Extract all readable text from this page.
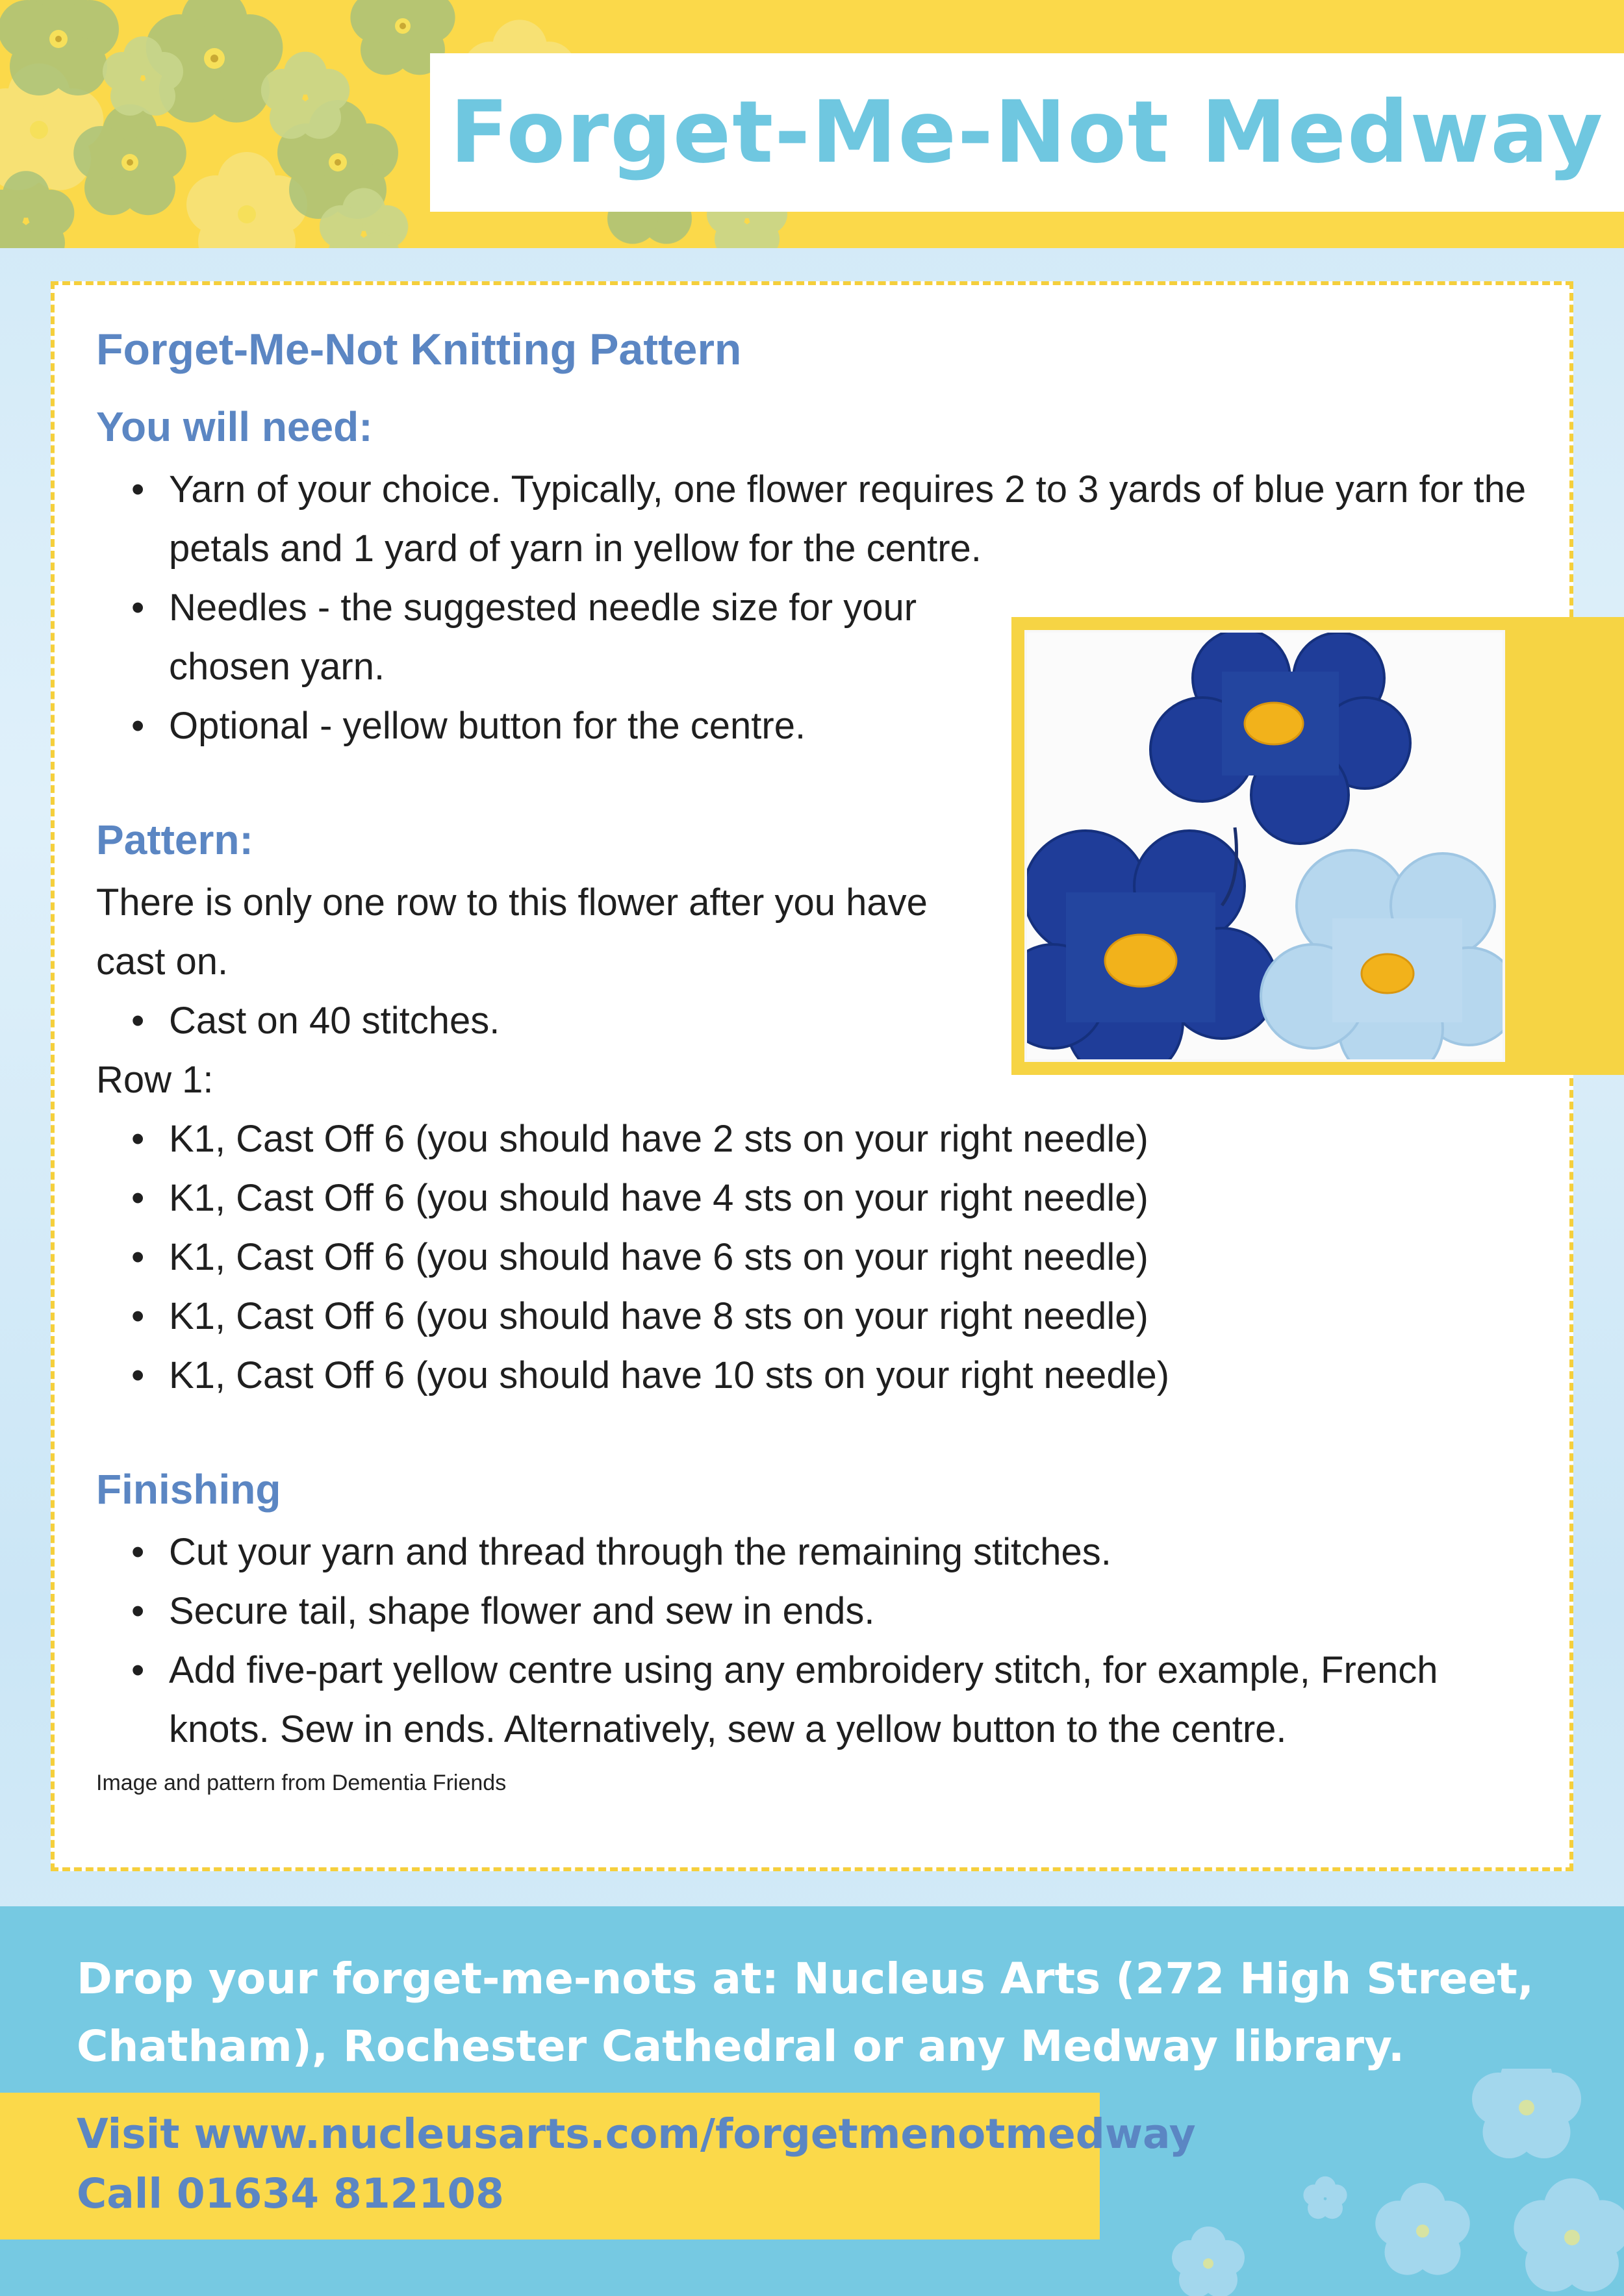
Forget-Me-Not Medway
Forget-Me-Not Knitting Pattern
You will need:
• Yarn of your choice. Typically, one flower requires 2 to 3 yards of blue yarn for the petals and 1 yard of yarn in yellow for the centre.
• Needles - the suggested needle size for your chosen yarn.
• Optional - yellow button for the centre.
Pattern:

There is only one row to this flower after you have cast on.

• Cast on 40 stitches.

Row 1:

• K1, Cast Off 6 (you should have 2 sts on your right needle)
• K1, Cast Off 6 (you should have 4 sts on your right needle)
• K1, Cast Off 6 (you should have 6 sts on your right needle)
• K1, Cast Off 6 (you should have 8 sts on your right needle)
• K1, Cast Off 6 (you should have 10 sts on your right needle)
Finishing
• Cut your yarn and thread through the remaining stitches.
• Secure tail, shape flower and sew in ends.
• Add five-part yellow centre using any embroidery stitch, for example, French knots. Sew in ends. Alternatively, sew a yellow button to the centre.
Image and pattern from Dementia Friends
Drop your forget-me-nots at: Nucleus Arts (272 High Street, Chatham), Rochester Cathedral or any Medway library.
Visit www.nucleusarts.com/forgetmenotmedway
Call 01634 812108
